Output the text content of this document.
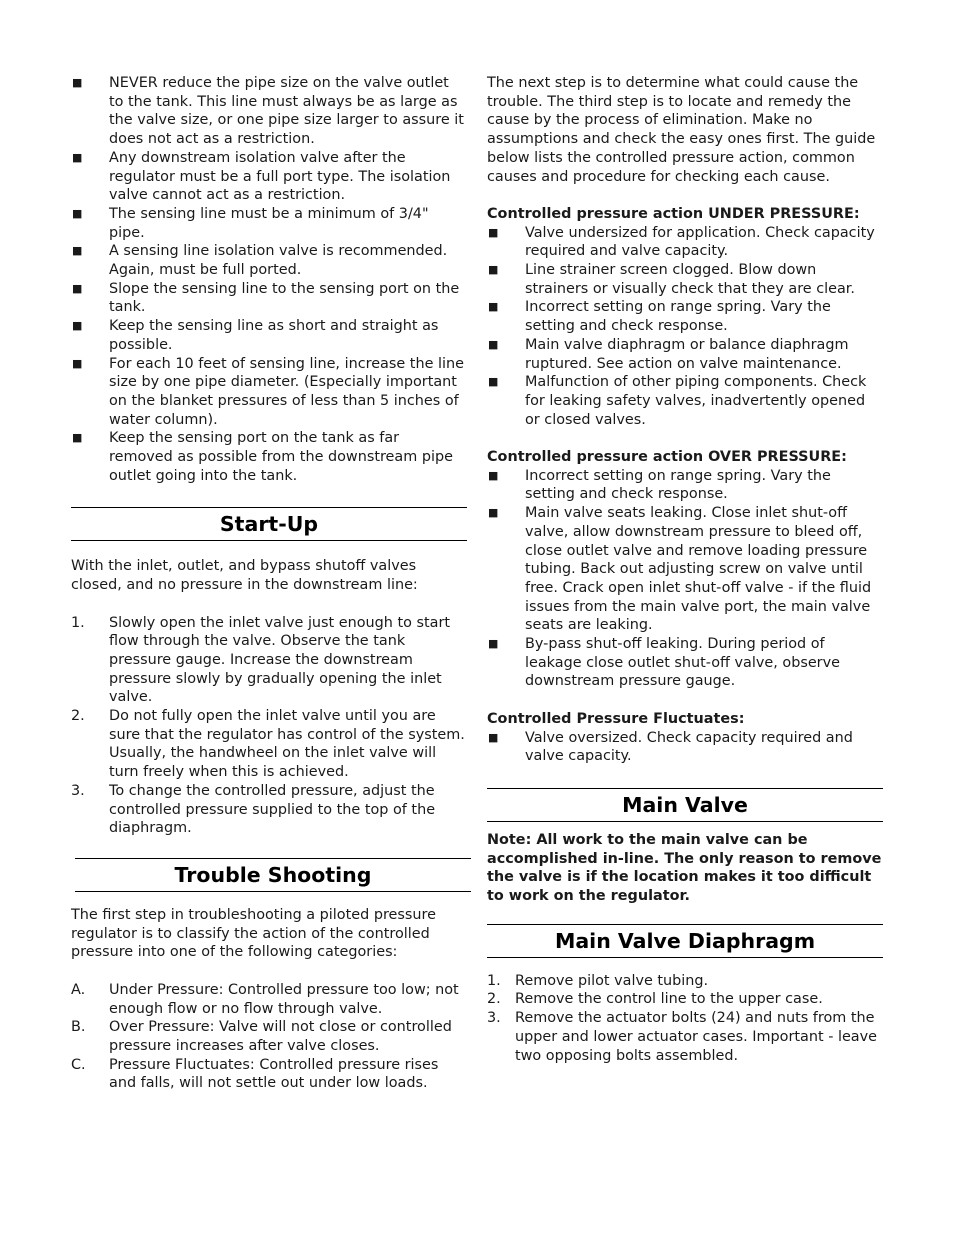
■ NEVER reduce the pipe size on the valve outlet to the tank. This line must always be as large as the valve size, or one pipe size larger to assure it does not act as a restriction.
■ Any downstream isolation valve after the regulator must be a full port type. The isolation valve cannot act as a restriction.
■ The sensing line must be a minimum of 3/4" pipe.
■ A sensing line isolation valve is recommended. Again, must be full ported.
■ Slope the sensing line to the sensing port on the tank.
■ Keep the sensing line as short and straight as possible.
■ For each 10 feet of sensing line, increase the line size by one pipe diameter. (Especially important on the blanket pressures of less than 5 inches of water column).
■ Keep the sensing port on the tank as far removed as possible from the downstream pipe outlet going into the tank.
Start-Up

With the inlet, outlet, and bypass shutoff valves closed, and no pressure in the downstream line:

1. Slowly open the inlet valve just enough to start flow through the valve. Observe the tank pressure gauge. Increase the downstream pressure slowly by gradually opening the inlet valve.
2. Do not fully open the inlet valve until you are sure that the regulator has control of the system. Usually, the handwheel on the inlet valve will turn freely when this is achieved.
3. To change the controlled pressure, adjust the controlled pressure supplied to the top of the diaphragm.
Trouble Shooting

The first step in troubleshooting a piloted pressure regulator is to classify the action of the controlled pressure into one of the following categories:

A. Under Pressure: Controlled pressure too low; not enough flow or no flow through valve.
B. Over Pressure: Valve will not close or controlled pressure increases after valve closes.
C. Pressure Fluctuates: Controlled pressure rises and falls, will not settle out under low loads.

The next step is to determine what could cause the trouble. The third step is to locate and remedy the cause by the process of elimination. Make no assumptions and check the easy ones first. The guide below lists the controlled pressure action, common causes and procedure for checking each cause.

Controlled pressure action UNDER PRESSURE:

■ Valve undersized for application. Check capacity required and valve capacity.
■ Line strainer screen clogged. Blow down strainers or visually check that they are clear.
■ Incorrect setting on range spring. Vary the setting and check response.
■ Main valve diaphragm or balance diaphragm ruptured. See action on valve maintenance.
■ Malfunction of other piping components. Check for leaking safety valves, inadvertently opened or closed valves.

Controlled pressure action OVER PRESSURE:

■ Incorrect setting on range spring. Vary the setting and check response.
■ Main valve seats leaking. Close inlet shut-off valve, allow downstream pressure to bleed off, close outlet valve and remove loading pressure tubing. Back out adjusting screw on valve until free. Crack open inlet shut-off valve - if the fluid issues from the main valve port, the main valve seats are leaking.
■ By-pass shut-off leaking. During period of leakage close outlet shut-off valve, observe downstream pressure gauge.

Controlled Pressure Fluctuates:

■ Valve oversized. Check capacity required and valve capacity.
Main Valve

Note: All work to the main valve can be accomplished in-line. The only reason to remove the valve is if the location makes it too difficult to work on the regulator.

Main Valve Diaphragm
1. Remove pilot valve tubing.
2. Remove the control line to the upper case.
3. Remove the actuator bolts (24) and nuts from the upper and lower actuator cases. Important - leave two opposing bolts assembled.
